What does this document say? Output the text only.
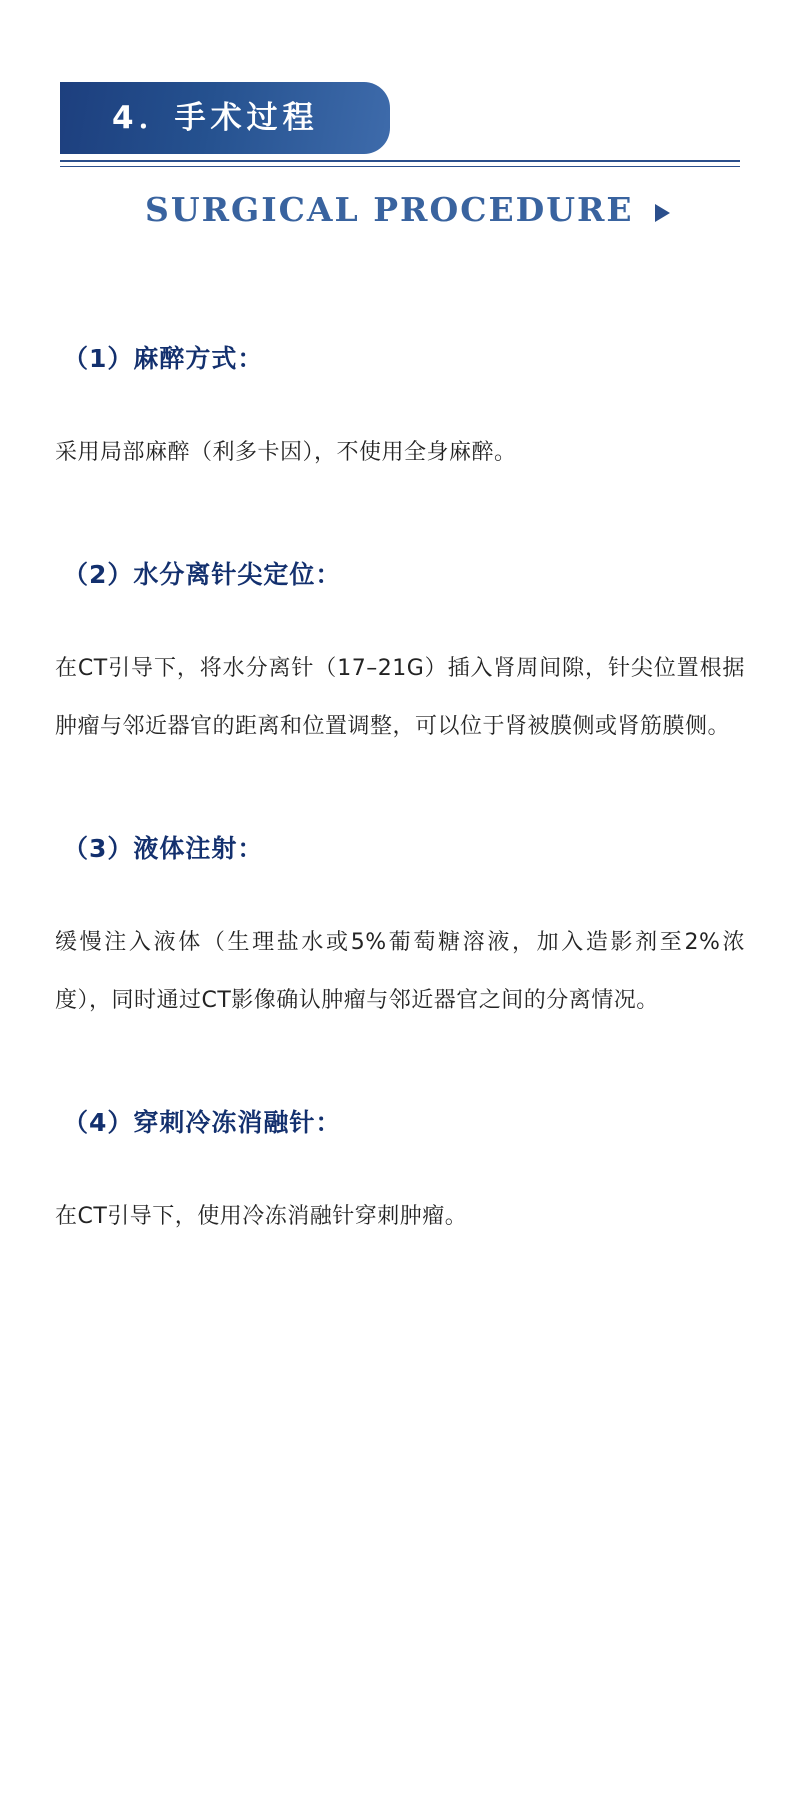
4．手术过程
SURGICAL PROCEDURE

（1）麻醉方式：

采用局部麻醉（利多卡因），不使用全身麻醉。

（2）水分离针尖定位：

在CT引导下，将水分离针（17–21G）插入肾周间隙，针尖位置根据肿瘤与邻近器官的距离和位置调整，可以位于肾被膜侧或肾筋膜侧。

（3）液体注射：

缓慢注入液体（生理盐水或5%葡萄糖溶液，加入造影剂至2%浓度），同时通过CT影像确认肿瘤与邻近器官之间的分离情况。

（4）穿刺冷冻消融针：

在CT引导下，使用冷冻消融针穿刺肿瘤。
